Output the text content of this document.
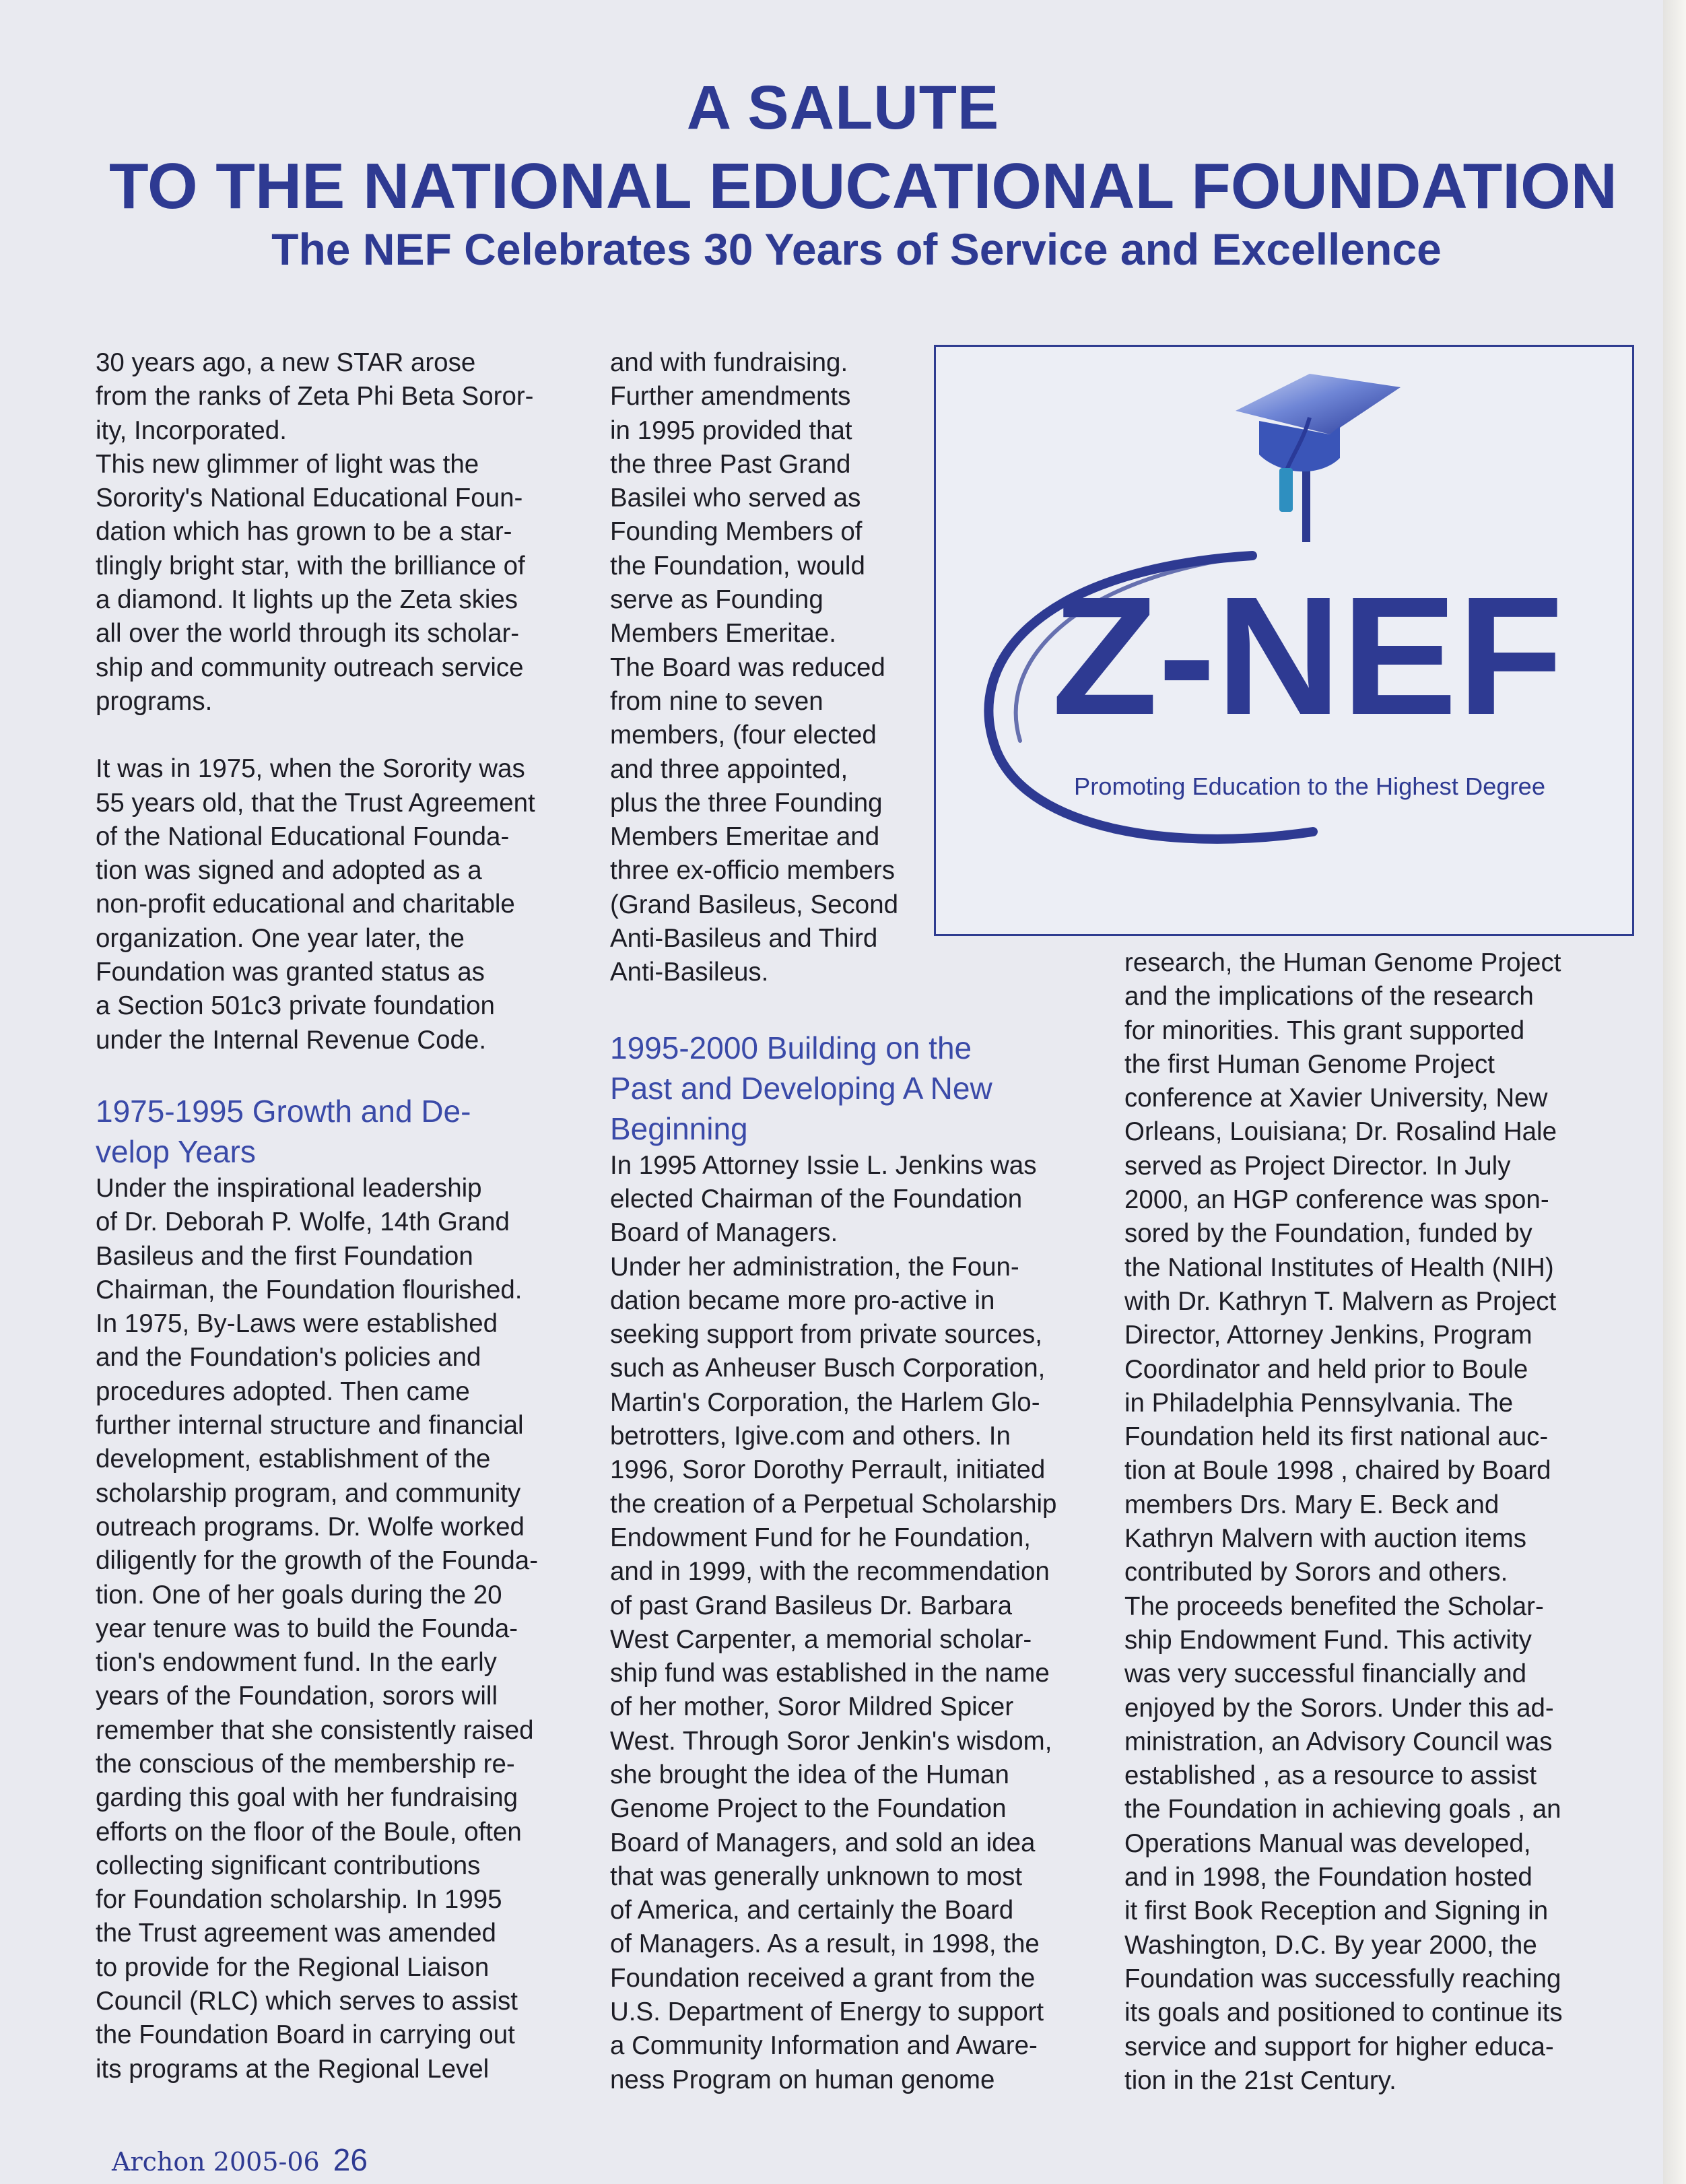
A SALUTE
TO THE NATIONAL EDUCATIONAL FOUNDATION
The NEF Celebrates 30 Years of Service and Excellence

30 years ago, a new STAR arose
from the ranks of Zeta Phi Beta Soror-
ity, Incorporated.

This new glimmer of light was the
Sorority's National Educational Foun-
dation which has grown to be a star-
tlingly bright star, with the brilliance of
a diamond. It lights up the Zeta skies
all over the world through its scholar-
ship and community outreach service
programs.

It was in 1975, when the Sorority was
55 years old, that the Trust Agreement
of the National Educational Founda-
tion was signed and adopted as a
non-profit educational and charitable
organization. One year later, the
Foundation was granted status as
a Section 501c3 private foundation
under the Internal Revenue Code.

1975-1995 Growth and De-
velop Years

Under the inspirational leadership
of Dr. Deborah P. Wolfe, 14th Grand
Basileus and the first Foundation
Chairman, the Foundation flourished.
In 1975, By-Laws were established
and the Foundation's policies and
procedures adopted. Then came
further internal structure and financial
development, establishment of the
scholarship program, and community
outreach programs. Dr. Wolfe worked
diligently for the growth of the Founda-
tion. One of her goals during the 20
year tenure was to build the Founda-
tion's endowment fund. In the early
years of the Foundation, sorors will
remember that she consistently raised
the conscious of the membership re-
garding this goal with her fundraising
efforts on the floor of the Boule, often
collecting significant contributions
for Foundation scholarship. In 1995
the Trust agreement was amended
to provide for the Regional Liaison
Council (RLC) which serves to assist
the Foundation Board in carrying out
its programs at the Regional Level

and with fundraising.
Further amendments
in 1995 provided that
the three Past Grand
Basilei who served as
Founding Members of
the Foundation, would
serve as Founding
Members Emeritae.

The Board was reduced
from nine to seven
members, (four elected
and three appointed,
plus the three Founding
Members Emeritae and
three ex-officio members
(Grand Basileus, Second
Anti-Basileus and Third
Anti-Basileus.

1995-2000 Building on the
Past and Developing A New
Beginning

In 1995 Attorney Issie L. Jenkins was
elected Chairman of the Foundation
Board of Managers.

Under her administration, the Foun-
dation became more pro-active in
seeking support from private sources,
such as Anheuser Busch Corporation,
Martin's Corporation, the Harlem Glo-
betrotters, Igive.com and others. In
1996, Soror Dorothy Perrault, initiated
the creation of a Perpetual Scholarship
Endowment Fund for he Foundation,
and in 1999, with the recommendation
of past Grand Basileus Dr. Barbara
West Carpenter, a memorial scholar-
ship fund was established in the name
of her mother, Soror Mildred Spicer
West. Through Soror Jenkin's wisdom,
she brought the idea of the Human
Genome Project to the Foundation
Board of Managers, and sold an idea
that was generally unknown to most
of America, and certainly the Board
of Managers. As a result, in 1998, the
Foundation received a grant from the
U.S. Department of Energy to support
a Community Information and Aware-
ness Program on human genome

Z-NEF
Promoting Education to the Highest Degree

research, the Human Genome Project
and the implications of the research
for minorities. This grant supported
the first Human Genome Project
conference at Xavier University, New
Orleans, Louisiana; Dr. Rosalind Hale
served as Project Director. In July
2000, an HGP conference was spon-
sored by the Foundation, funded by
the National Institutes of Health (NIH)
with Dr. Kathryn T. Malvern as Project
Director, Attorney Jenkins, Program
Coordinator and held prior to Boule
in Philadelphia Pennsylvania. The
Foundation held its first national auc-
tion at Boule 1998 , chaired by Board
members Drs. Mary E. Beck and
Kathryn Malvern with auction items
contributed by Sorors and others.

The proceeds benefited the Scholar-
ship Endowment Fund. This activity
was very successful financially and
enjoyed by the Sorors. Under this ad-
ministration, an Advisory Council was
established , as a resource to assist
the Foundation in achieving goals , an
Operations Manual was developed,
and in 1998, the Foundation hosted
it first Book Reception and Signing in
Washington, D.C. By year 2000, the
Foundation was successfully reaching
its goals and positioned to continue its
service and support for higher educa-
tion in the 21st Century.

Archon 2005-06 26
